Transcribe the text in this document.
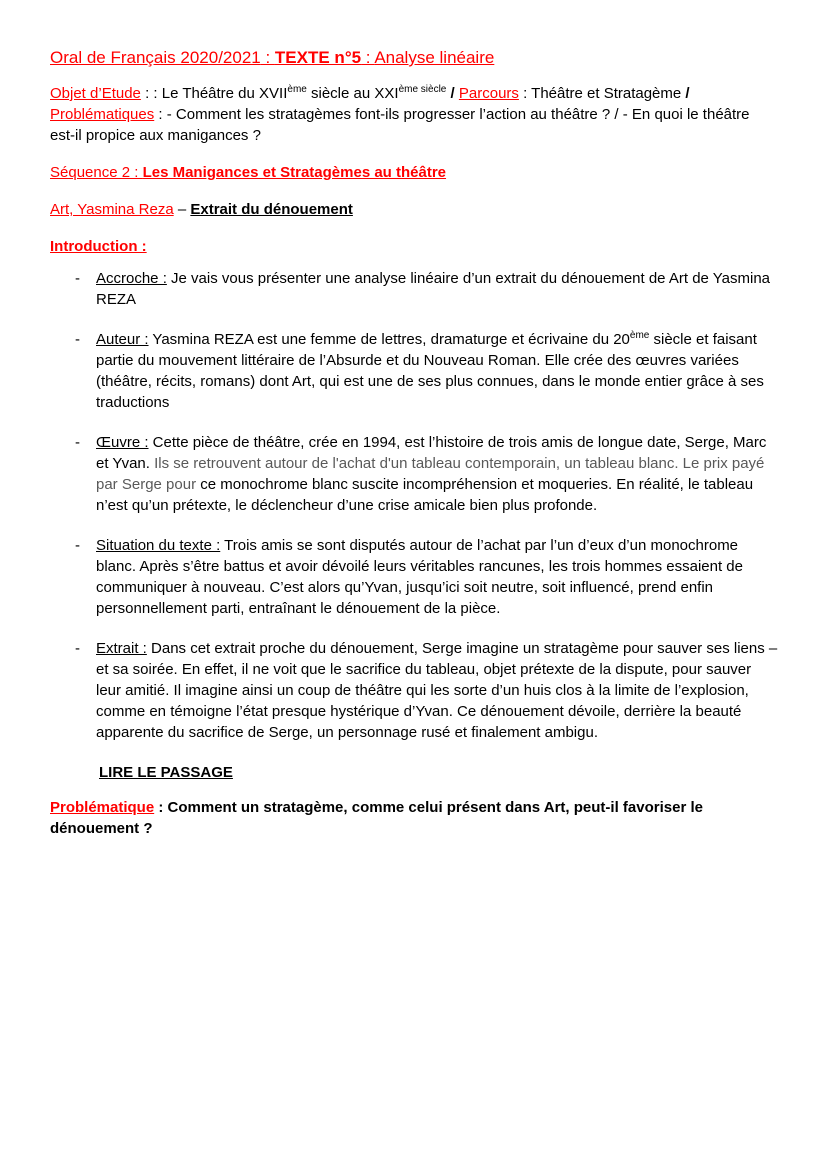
Oral de Français 2020/2021 : TEXTE n°5 : Analyse linéaire

Objet d’Etude : : Le Théâtre du XVIIème siècle au $XXI^{ème siècle}$ / Parcours : Théâtre et Stratagème /

Problématiques : - Comment les stratagèmes font-ils progresser l’action au théâtre ? / - En quoi le théâtre est-il propice aux manigances ?

Séquence 2 : Les Manigances et Stratagèmes au théâtre

Art, Yasmina Reza – Extrait du dénouement

Introduction :

-	Accroche : Je vais vous présenter une analyse linéaire d’un extrait du dénouement de Art de Yasmina REZA

-	Auteur : Yasmina REZA est une femme de lettres, dramaturge et écrivaine du 20ème siècle et faisant partie du mouvement littéraire de l’Absurde et du Nouveau Roman. Elle crée des œuvres variées (théâtre, récits, romans) dont Art, qui est une de ses plus connues, dans le monde entier grâce à ses traductions

-	Œuvre : Cette pièce de théâtre, crée en 1994, est l’histoire de trois amis de longue date, Serge, Marc et Yvan. Ils se retrouvent autour de l'achat d'un tableau contemporain, un tableau blanc. Le prix payé par Serge pour ce monochrome blanc suscite incompréhension et moqueries. En réalité, le tableau n’est qu’un prétexte, le déclencheur d’une crise amicale bien plus profonde.

-	Situation du texte : Trois amis se sont disputés autour de l’achat par l’un d’eux d’un monochrome blanc. Après s’être battus et avoir dévoilé leurs véritables rancunes, les trois hommes essaient de communiquer à nouveau. C’est alors qu’Yvan, jusqu’ici soit neutre, soit influencé, prend enfin personnellement parti, entraînant le dénouement de la pièce.

-	Extrait : Dans cet extrait proche du dénouement, Serge imagine un stratagème pour sauver ses liens – et sa soirée. En effet, il ne voit que le sacrifice du tableau, objet prétexte de la dispute, pour sauver leur amitié. Il imagine ainsi un coup de théâtre qui les sorte d’un huis clos à la limite de l’explosion, comme en témoigne l’état presque hystérique d’Yvan. Ce dénouement dévoile, derrière la beauté apparente du sacrifice de Serge, un personnage rusé et finalement ambigu.

LIRE LE PASSAGE

Problématique : Comment un stratagème, comme celui présent dans Art, peut-il favoriser le dénouement ?
